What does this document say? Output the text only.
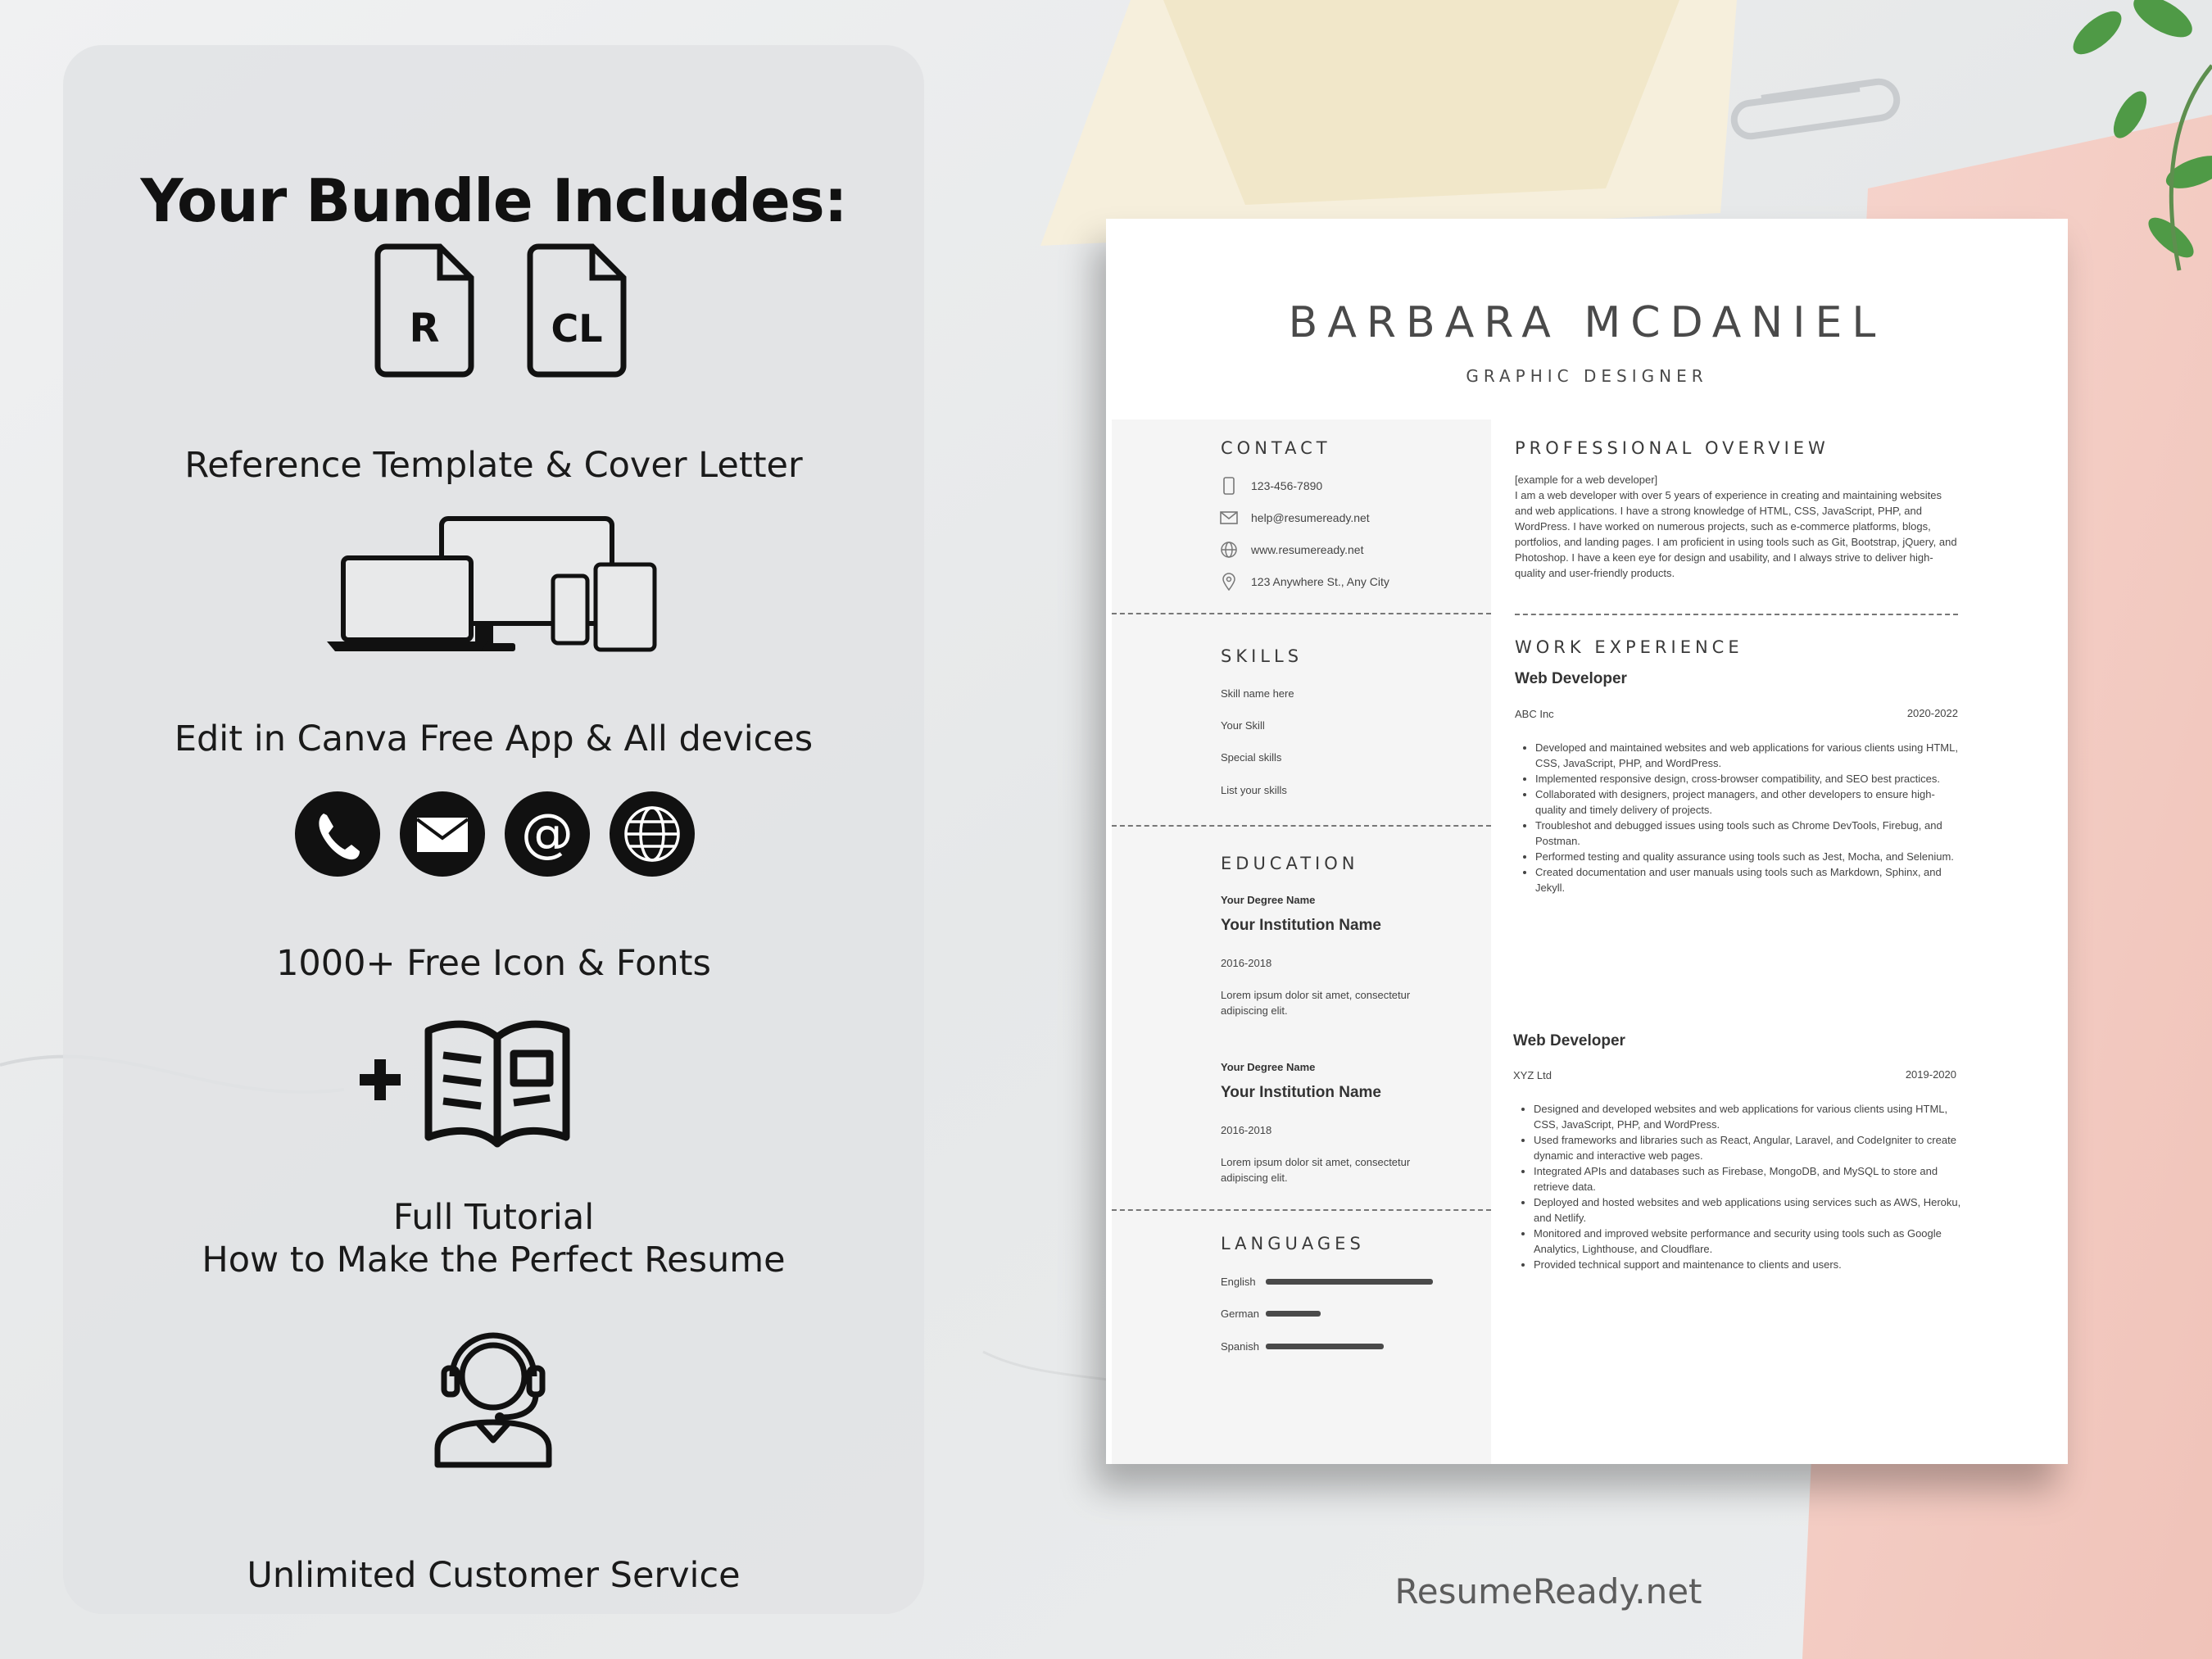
Your Bundle Includes:
R	CL
Reference Template & Cover Letter
Edit in Canva Free App & All devices
@
1000+ Free Icon & Fonts
Full Tutorial
How to Make the Perfect Resume
Unlimited Customer Service
BARBARA MCDANIEL
GRAPHIC DESIGNER
CONTACT
123-456-7890
help@resumeready.net
www.resumeready.net
123 Anywhere St., Any City
SKILLS
Skill name here
Your Skill
Special skills
List your skills
EDUCATION
Your Degree Name
Your Institution Name
2016-2018
Lorem ipsum dolor sit amet, consectetur adipiscing elit.
Your Degree Name
Your Institution Name
2016-2018
Lorem ipsum dolor sit amet, consectetur adipiscing elit.
LANGUAGES
English
German
Spanish
PROFESSIONAL OVERVIEW
[example for a web developer]
I am a web developer with over 5 years of experience in creating and maintaining websites and web applications. I have a strong knowledge of HTML, CSS, JavaScript, PHP, and WordPress. I have worked on numerous projects, such as e-commerce platforms, blogs, portfolios, and landing pages. I am proficient in using tools such as Git, Bootstrap, jQuery, and Photoshop. I have a keen eye for design and usability, and I always strive to deliver high-quality and user-friendly products.
WORK EXPERIENCE
Web Developer
ABC Inc	2020-2022
• Developed and maintained websites and web applications for various clients using HTML, CSS, JavaScript, PHP, and WordPress.
• Implemented responsive design, cross-browser compatibility, and SEO best practices.
• Collaborated with designers, project managers, and other developers to ensure high-quality and timely delivery of projects.
• Troubleshot and debugged issues using tools such as Chrome DevTools, Firebug, and Postman.
• Performed testing and quality assurance using tools such as Jest, Mocha, and Selenium.
• Created documentation and user manuals using tools such as Markdown, Sphinx, and Jekyll.
Web Developer
XYZ Ltd	2019-2020
• Designed and developed websites and web applications for various clients using HTML, CSS, JavaScript, PHP, and WordPress.
• Used frameworks and libraries such as React, Angular, Laravel, and CodeIgniter to create dynamic and interactive web pages.
• Integrated APIs and databases such as Firebase, MongoDB, and MySQL to store and retrieve data.
• Deployed and hosted websites and web applications using services such as AWS, Heroku, and Netlify.
• Monitored and improved website performance and security using tools such as Google Analytics, Lighthouse, and Cloudflare.
• Provided technical support and maintenance to clients and users.
ResumeReady.net
